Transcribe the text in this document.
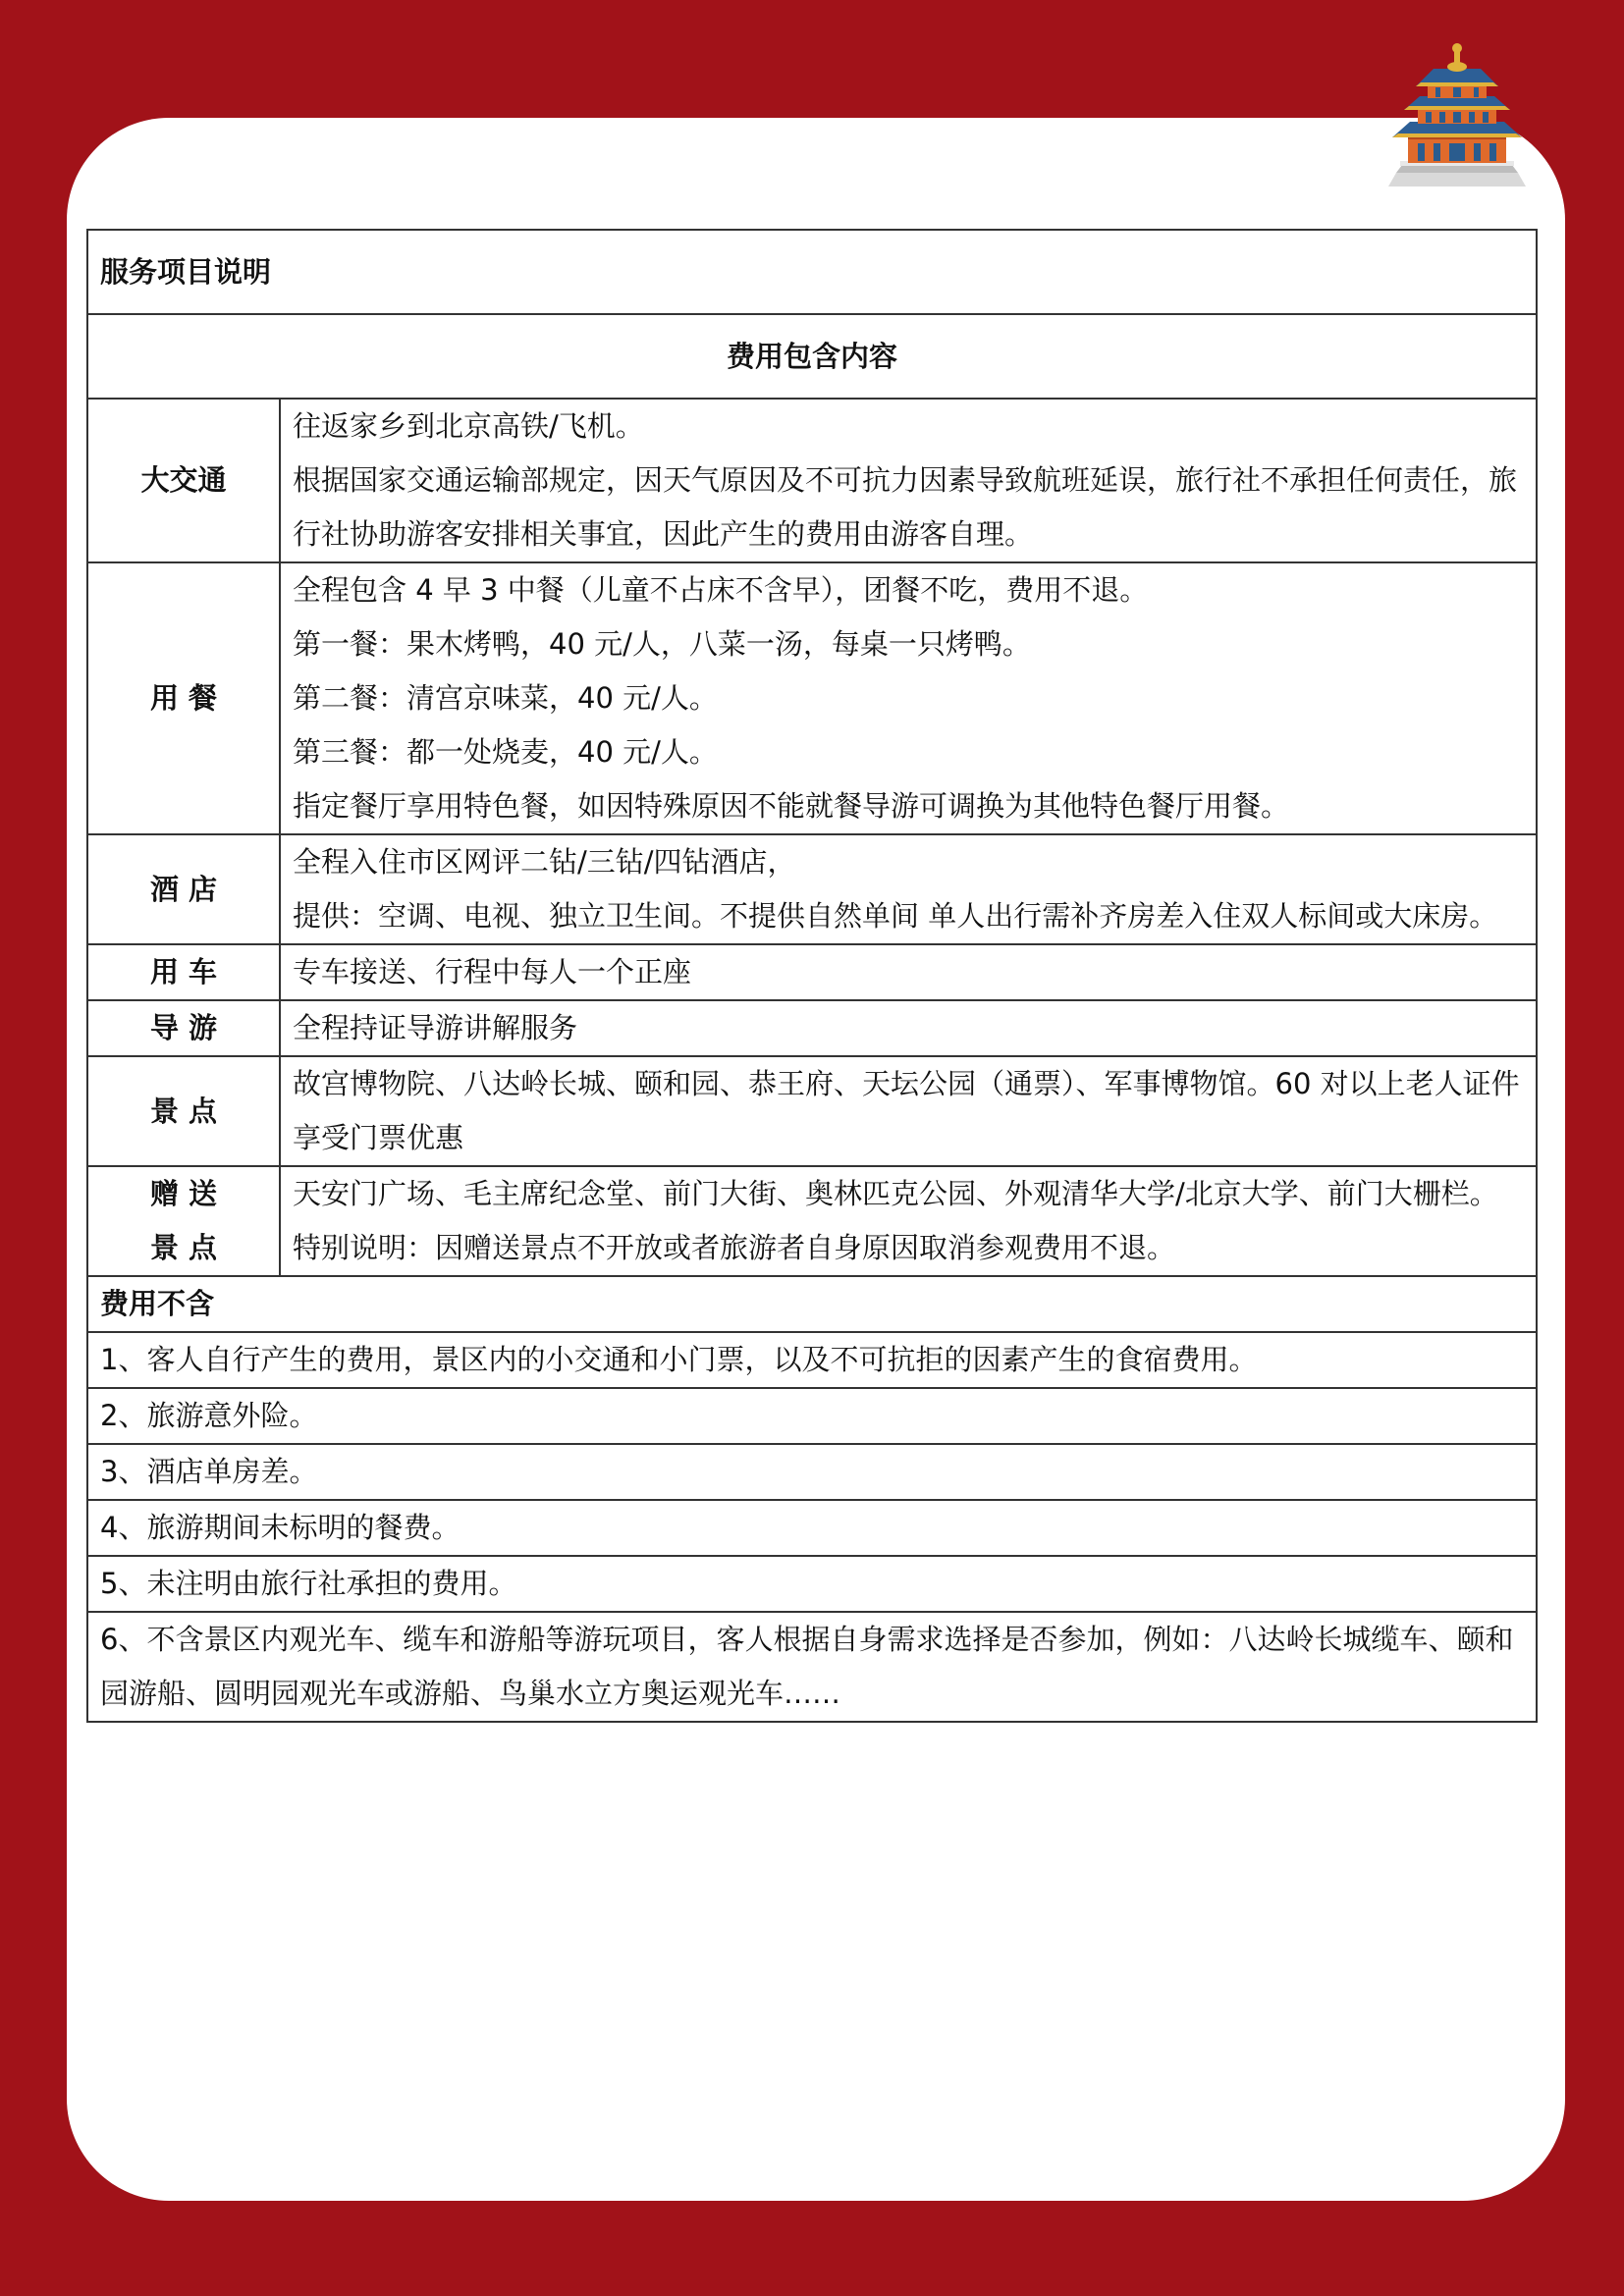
服务项目说明	
费用包含内容	
大交通	往返家乡到北京高铁/飞机。
根据国家交通运输部规定，因天气原因及不可抗力因素导致航班延误，旅行社不承担任何责任，旅行社协助游客安排相关事宜，因此产生的费用由游客自理。

用 餐	全程包含 4 早 3 中餐（儿童不占床不含早），团餐不吃，费用不退。
第一餐：果木烤鸭，40 元/人，八菜一汤，每桌一只烤鸭。
第二餐：清宫京味菜，40 元/人。
第三餐：都一处烧麦，40 元/人。
指定餐厅享用特色餐，如因特殊原因不能就餐导游可调换为其他特色餐厅用餐。

酒 店	全程入住市区网评二钻/三钻/四钻酒店，
提供：空调、电视、独立卫生间。不提供自然单间 单人出行需补齐房差入住双人标间或大床房。

用 车	专车接送、行程中每人一个正座

导 游	全程持证导游讲解服务

景 点	故宫博物院、八达岭长城、颐和园、恭王府、天坛公园（通票）、军事博物馆。60 对以上老人证件享受门票优惠

赠 送
景 点	天安门广场、毛主席纪念堂、前门大街、奥林匹克公园、外观清华大学/北京大学、前门大栅栏。
特别说明：因赠送景点不开放或者旅游者自身原因取消参观费用不退。

费用不含	
1、客人自行产生的费用，景区内的小交通和小门票，以及不可抗拒的因素产生的食宿费用。	
2、旅游意外险。	
3、酒店单房差。	
4、旅游期间未标明的餐费。	
5、未注明由旅行社承担的费用。	
6、不含景区内观光车、缆车和游船等游玩项目，客人根据自身需求选择是否参加，例如：八达岭长城缆车、颐和园游船、圆明园观光车或游船、鸟巢水立方奥运观光车……	
